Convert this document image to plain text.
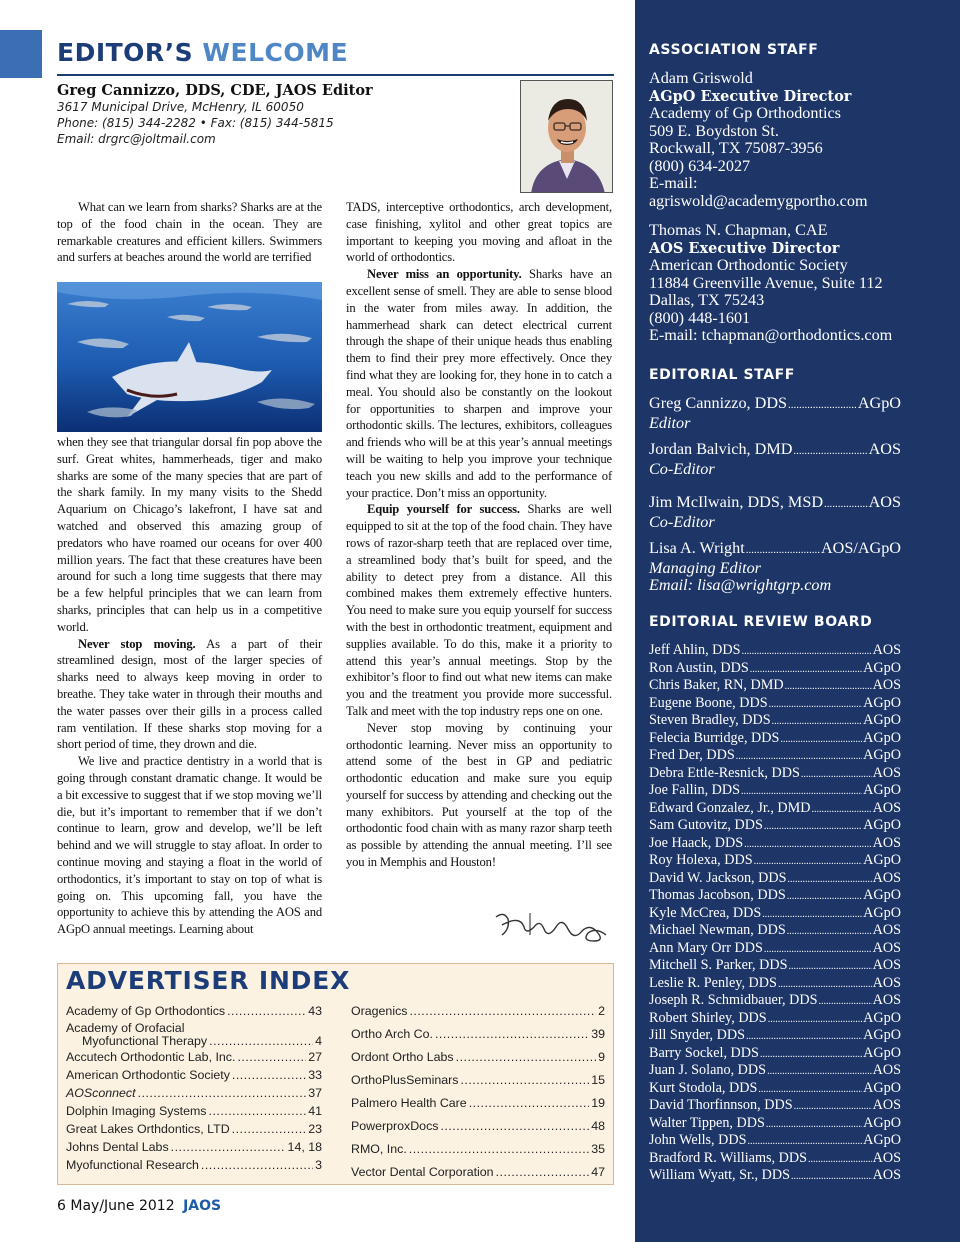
EDITOR’S WELCOME
Greg Cannizzo, DDS, CDE, JAOS Editor
3617 Municipal Drive, McHenry, IL 60050
Phone: (815) 344-2282 • Fax: (815) 344-5815
Email: drgrc@joltmail.com

What can we learn from sharks? Sharks are at the top of the food chain in the ocean. They are remarkable creatures and efficient killers. Swimmers and surfers at beaches around the world are terrified

when they see that triangular dorsal fin pop above the surf. Great whites, hammerheads, tiger and mako sharks are some of the many species that are part of the shark family. In my many visits to the Shedd Aquarium on Chicago’s lakefront, I have sat and watched and observed this amazing group of predators who have roamed our oceans for over 400 million years. The fact that these creatures have been around for such a long time suggests that there may be a few helpful principles that we can learn from sharks, principles that can help us in a competitive world.

Never stop moving. As a part of their streamlined design, most of the larger species of sharks need to always keep moving in order to breathe. They take water in through their mouths and the water passes over their gills in a process called ram ventilation. If these sharks stop moving for a short period of time, they drown and die.

We live and practice dentistry in a world that is going through constant dramatic change. It would be a bit excessive to suggest that if we stop moving we’ll die, but it’s important to remember that if we don’t continue to learn, grow and develop, we’ll be left behind and we will struggle to stay afloat. In order to continue moving and staying a float in the world of orthodontics, it’s important to stay on top of what is going on. This upcoming fall, you have the opportunity to achieve this by attending the AOS and AGpO annual meetings. Learning about

TADS, interceptive orthodontics, arch development, case finishing, xylitol and other great topics are important to keeping you moving and afloat in the world of orthodontics.

Never miss an opportunity. Sharks have an excellent sense of smell. They are able to sense blood in the water from miles away. In addition, the hammerhead shark can detect electrical current through the shape of their unique heads thus enabling them to find their prey more effectively. Once they find what they are looking for, they hone in to catch a meal. You should also be constantly on the lookout for opportunities to sharpen and improve your orthodontic skills. The lectures, exhibitors, colleagues and friends who will be at this year’s annual meetings will be waiting to help you improve your technique teach you new skills and add to the performance of your practice. Don’t miss an opportunity.

Equip yourself for success. Sharks are well equipped to sit at the top of the food chain. They have rows of razor-sharp teeth that are replaced over time, a streamlined body that’s built for speed, and the ability to detect prey from a distance. All this combined makes them extremely effective hunters. You need to make sure you equip yourself for success with the best in orthodontic treatment, equipment and supplies available. To do this, make it a priority to attend this year’s annual meetings. Stop by the exhibitor’s floor to find out what new items can make you and the treatment you provide more successful. Talk and meet with the top industry reps one on one.

Never stop moving by continuing your orthodontic learning. Never miss an opportunity to attend some of the best in GP and pediatric orthodontic education and make sure you equip yourself for success by attending and checking out the many exhibitors. Put yourself at the top of the orthodontic food chain with as many razor sharp teeth as possible by attending the annual meeting. I’ll see you in Memphis and Houston!

ADVERTISER INDEX
Academy of Gp Orthodontics .....	43
Academy of Orofacial
Myofunctional Therapy .....	4
Accutech Orthodontic Lab, Inc. .....	27
American Orthodontic Society .....	33
AOSconnect .....	37
Dolphin Imaging Systems .....	41
Great Lakes Orthdontics, LTD .....	23
Johns Dental Labs .....	14, 18
Myofunctional Research .....	3
Oragenics .....	2
Ortho Arch Co. .....	39
Ordont Ortho Labs .....	9
OrthoPlusSeminars .....	15
Palmero Health Care .....	19
PowerproxDocs .....	48
RMO, Inc. .....	35
Vector Dental Corporation .....	47
6 May/June 2012 JAOS
ASSOCIATION STAFF
Adam Griswold
AGpO Executive Director
Academy of Gp Orthodontics
509 E. Boydston St.
Rockwall, TX 75087-3956
(800) 634-2027
E-mail:
agriswold@academygportho.com
Thomas N. Chapman, CAE
AOS Executive Director
American Orthodontic Society
11884 Greenville Avenue, Suite 112
Dallas, TX 75243
(800) 448-1601
E-mail: tchapman@orthodontics.com
EDITORIAL STAFF
Greg Cannizzo, DDS .....	AGpO
Editor
Jordan Balvich, DMD .....	AOS
Co-Editor
Jim McIlwain, DDS, MSD .....	AOS
Co-Editor
Lisa A. Wright .....	AOS/AGpO
Managing Editor
Email: lisa@wrightgrp.com
EDITORIAL REVIEW BOARD
Jeff Ahlin, DDS .....	AOS
Ron Austin, DDS .....	AGpO
Chris Baker, RN, DMD .....	AOS
Eugene Boone, DDS .....	AGpO
Steven Bradley, DDS .....	AGpO
Felecia Burridge, DDS .....	AGpO
Fred Der, DDS .....	AGpO
Debra Ettle-Resnick, DDS .....	AOS
Joe Fallin, DDS .....	AGpO
Edward Gonzalez, Jr., DMD .....	AOS
Sam Gutovitz, DDS .....	AGpO
Joe Haack, DDS .....	AOS
Roy Holexa, DDS .....	AGpO
David W. Jackson, DDS .....	AOS
Thomas Jacobson, DDS .....	AGpO
Kyle McCrea, DDS .....	AGpO
Michael Newman, DDS .....	AOS
Ann Mary Orr DDS .....	AOS
Mitchell S. Parker, DDS .....	AOS
Leslie R. Penley, DDS .....	AOS
Joseph R. Schmidbauer, DDS .....	AOS
Robert Shirley, DDS .....	AGpO
Jill Snyder, DDS .....	AGpO
Barry Sockel, DDS .....	AGpO
Juan J. Solano, DDS .....	AOS
Kurt Stodola, DDS .....	AGpO
David Thorfinnson, DDS .....	AOS
Walter Tippen, DDS .....	AGpO
John Wells, DDS .....	AGpO
Bradford R. Williams, DDS .....	AOS
William Wyatt, Sr., DDS .....	AOS
